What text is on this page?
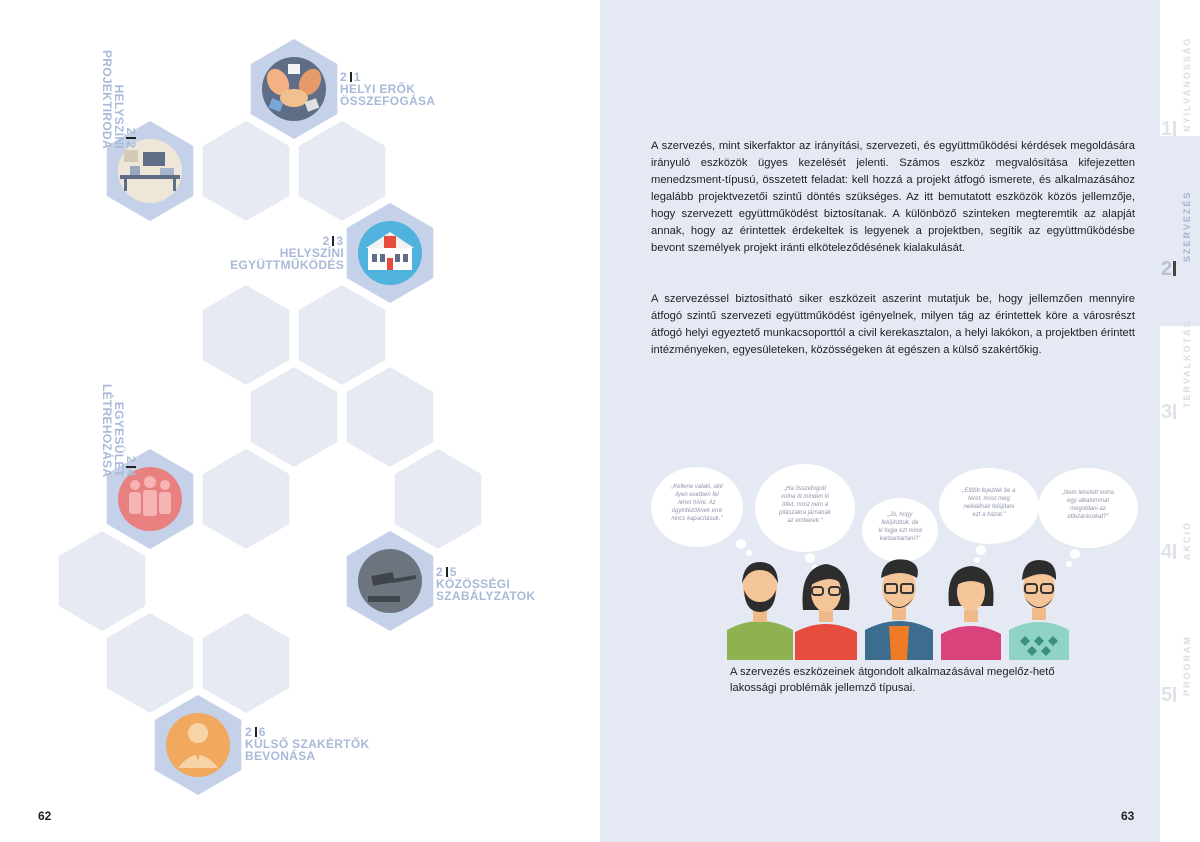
2 1
HELYI ERŐK
ÖSSZEFOGÁSA
22
HELYSZÍNI
PROJEKTIRODA
2 3
HELYSZÍNI
EGYÜTTMŰKÖDÉS
24
EGYESÜLET
LÉTREHOZÁSA
2 5
KÖZÖSSÉGI
SZABÁLYZATOK
2 6
KÜLSŐ SZAKÉRTŐK
BEVONÁSA
62
A szervezés, mint sikerfaktor az irányítási, szervezeti, és együttműködési kérdések megoldására irányuló eszközök ügyes kezelését jelenti. Számos eszköz megvalósítása kifejezetten menedzsment-típusú, összetett feladat: kell hozzá a projekt átfogó ismerete, és alkalmazásához legalább projektvezetői szintű döntés szükséges. Az itt bemutatott eszközök közös jellemzője, hogy szervezett együttműködést biztosítanak. A különböző szinteken megteremtik az alapját annak, hogy az érintettek érdekeltek is legyenek a projektben, segítik az együttműködésbe bevont személyek projekt iránti elköteleződésének kialakulását.
A szervezéssel biztosítható siker eszközeit aszerint mutatjuk be, hogy jellemzően mennyire átfogó szintű szervezeti együttműködést igényelnek, milyen tág az érintettek köre a városrészt átfogó helyi egyeztető munkacsoporttól a civil kerekasztalon, a helyi lakókon, a projektben érintett intézményeken, egyesületeken, közösségeken át egészen a külső szakértőkig.
„Kellene valaki, akit
ilyen esetben fel
lehet hívni. Az
ügyintézőknek erre
nincs kapacitásuk."
„Ha összefogott
volna itt minden ki
ötlet, most nem a
pilászakra járnának
az emberek."
„Jó, hogy
felújítottuk, de
ki fogja ezt mind
karbantartani?"
„Előbb fejezték be a
teret, most meg
nekiállnak felújítani
ezt a házat."
„Nem lehetett volna
egy alkalommal
megoldani az
útlezárásokat?"
A szervezés eszközeinek átgondolt alkalmazásával megelőz-hető lakossági problémák jellemző típusai.
63
1	NYILVÁNOSSÁG
2
SZERVEZÉS
3
TERVALKOTÁS
4	AKCIÓ
5	PROGRAM
